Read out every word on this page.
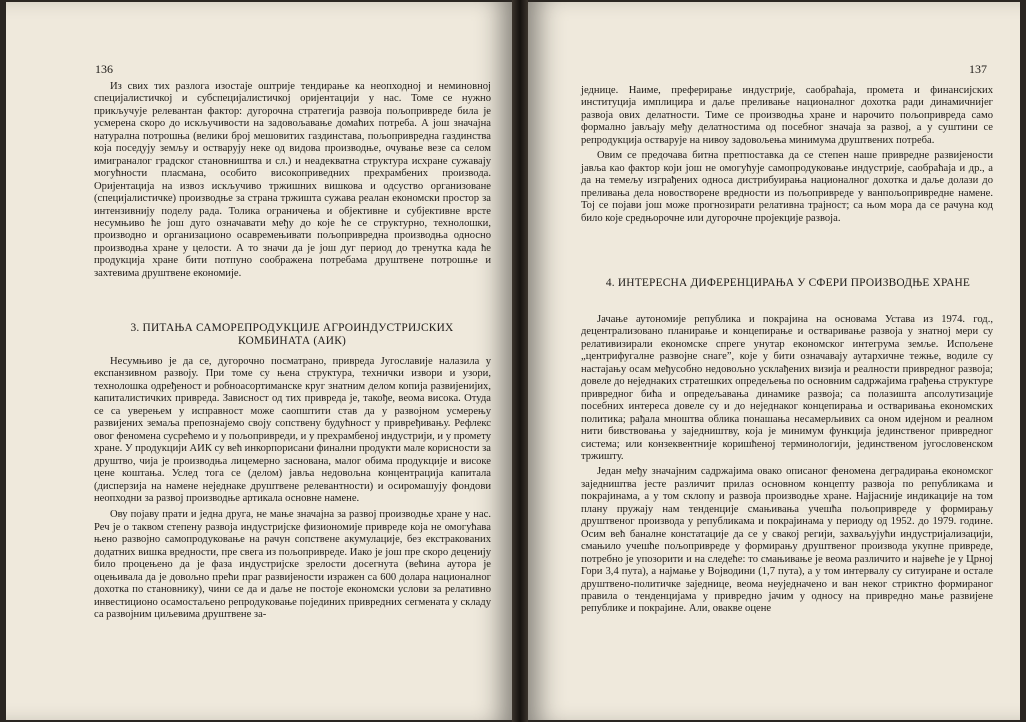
136

Из свих тих разлога изостаје оштрије тендирање ка неопходној и неминовној специјалистичкој и субспецијалистичкој оријентацији у нас. Томе се нужно прикључује релевантан фактор: дугорочна стратегија развоја пољопривреде била је усмерена скоро до искључивости на задовољавање домаћих потреба. А још значајна натурална потрошња (велики број мешовитих газдинстава, пољопривредна газдинства која поседују земљу и остварују неке од видова производње, очување везе са селом имиграналог градског становништва и сл.) и неадекватна структура исхране сужавају могућности пласмана, особито високоприведних прехрамбених производа. Оријентација на извоз искључиво тржишних вишкова и одсуство организоване (специјалистичке) производње за страна тржишта сужава реалан економски простор за интензивнију поделу рада. Толика ограничења и објективне и субјективне врсте несумњиво ће још дуго означавати међу до које ће се структурно, технолошки, производно и организационо осавремењивати пољопривредна производња односно производња хране у целости. А то значи да је још дуг период до тренутка када ће продукција хране бити потпуно соображена потребама друштвене потрошње и захтевима друштвене економије.

3. ПИТАЊА САМОРЕПРОДУКЦИЈЕ АГРОИНДУСТРИЈСКИХ КОМБИНАТА (АИК)

Несумњиво је да се, дугорочно посматрано, привреда Југославије налазила у експанзивном развоју. При томе су њена структура, технички извори и узори, технолошка одређеност и робноасортиманске круг знатним делом копија развијенијих, капиталистичких привреда. Зависност од тих привреда је, такође, веома висока. Отуда се са уверењем у исправност може саопштити став да у развојном усмерењу развијених земаља препознајемо своју сопствену будућност у привређивању. Рефлекс овог феномена сусрећемо и у пољопривреди, и у прехрамбеној индустрији, и у промету хране. У продукцији АИК су већ инкорпорисани финални продукти мале корисности за друштво, чија је производња лицемерно заснована, малог обима продукције и високе цене коштања. Услед тога се (делом) јавља недовољна концентрација капитала (дисперзија на намене неједнаке друштвене релевантности) и осиромашују фондови неопходни за развој производње артикала основне намене.

Ову појаву прати и једна друга, не мање значајна за развој производње хране у нас. Реч је о таквом степену развоја индустријске физиономије привреде која не омогућава њено развојно самопродуковање на рачун сопствене акумулације, без екстракованих додатних вишка вредности, пре свега из пољопривреде. Иако је још пре скоро деценију било процењено да је фаза индустријске зрелости досегнута (већина аутора је оцењивала да је довољно прећи праг развијености изражен са 600 долара националног дохотка по становнику), чини се да и даље не постоје економски услови за релативно инвестиционо осамостаљено репродуковање појединих привредних сегмената у складу са развојним циљевима друштвене за-

137

једнице. Наиме, преферирање индустрије, саобраћаја, промета и финансијских институција имплицира и даље преливање националног дохотка ради динамичнијег развоја ових делатности. Тиме се производња хране и нарочито пољопривреда само формално јављају међу делатностима од посебног значаја за развој, а у суштини се репродукција остварује на нивоу задовољења минимума друштвених потреба.

Овим се предочава битна претпоставка да се степен наше привредне развијености јавља као фактор који још не омогућује самопродуковање индустрије, саобраћаја и др., а да на темељу изграђених односа дистрибуирања националног дохотка и даље долази до преливања дела новостворене вредности из пољопривреде у ванпољопривредне намене. Тој се појави још може прогнозирати релативна трајност; са њом мора да се рачуна код било које средњорочне или дугорочне пројекције развоја.

4. ИНТЕРЕСНА ДИФЕРЕНЦИРАЊА У СФЕРИ ПРОИЗВОДЊЕ ХРАНЕ

Јачање аутономије република и покрајина на основама Устава из 1974. год., децентрализовано планирање и концепирање и остваривање развоја у знатној мери су релативизирали економске спреге унутар економског интегрума земље. Испољене „центрифугалне развојне снаге”, које у бити означавају аутархичне тежње, водиле су настајању осам међусобно недовољно усклађених визија и реалности привредног развоја; довеле до неједнаких стратешких опредељења по основним садржајима грађења структуре привредног бића и опредељавања динамике развоја; са полазишта апсолутизације посебних интереса довеле су и до неједнаког концепирања и остваривања економских политика; рађала мноштва облика понашања несамерљивих са оном идејном и реалном нити бивствовања у заједништву, која је минимум функција јединственог привредног система; или конзеквентније коришћеној терминологији, јединственом југословенском тржишту.

Један међу значајним садржајима овако описаног феномена деградирања економског заједништва јесте различит прилаз основном концепту развоја по републикама и покрајинама, а у том склопу и развоја производње хране. Најјасније индикације на том плану пружају нам тенденције смањивања учешћа пољопривреде у формирању друштвеног производа у републикама и покрајинама у периоду од 1952. до 1979. године. Осим већ баналне констатације да се у свакој регији, захваљујући индустријализацији, смањило учешће пољопривреде у формирању друштвеног производа укупне привреде, потребно је упозорити и на следеће: то смањивање је веома различито и највеће је у Црној Гори 3,4 пута), а најмање у Војводини (1,7 пута), а у том интервалу су ситуиране и остале друштвено-политичке заједнице, веома неуједначено и ван неког стриктно формираног правила о тенденцијама у привредно јачим у односу на привредно мање развијене републике и покрајине. Али, овакве оцене
